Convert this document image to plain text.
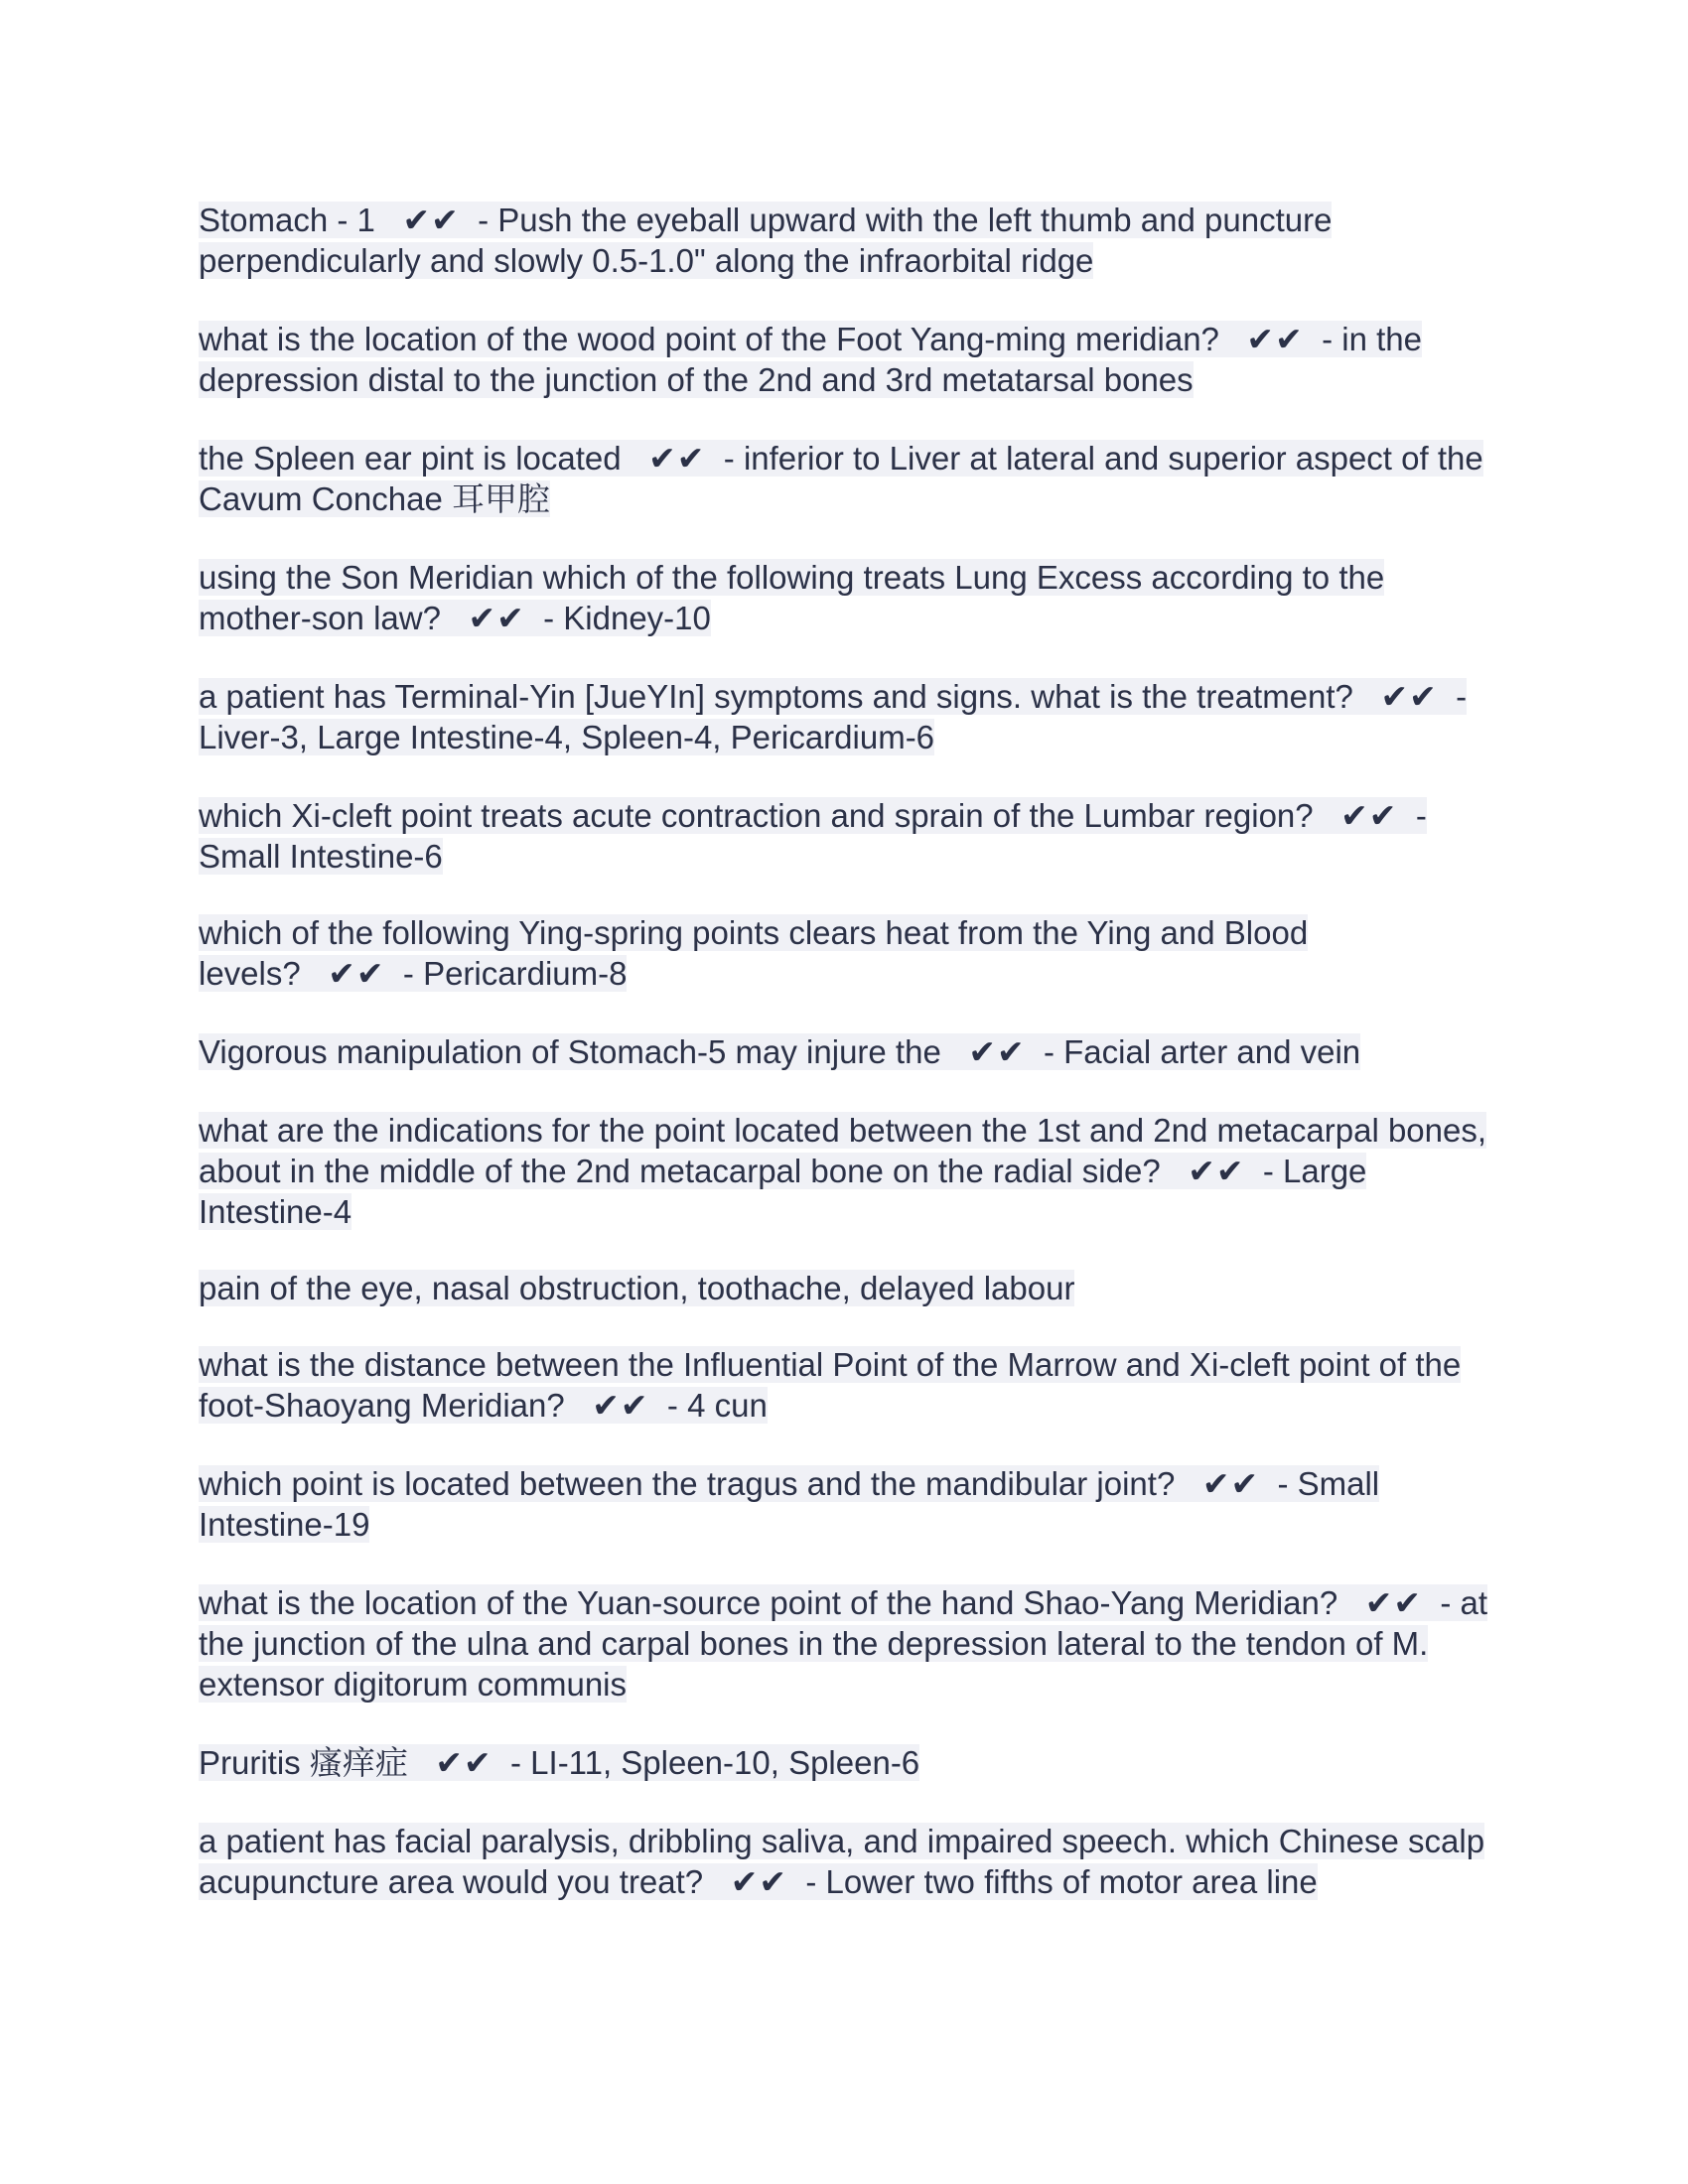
Stomach - 1 ✔✔ - Push the eyeball upward with the left thumb and puncture perpendicularly and slowly 0.5-1.0" along the infraorbital ridge

what is the location of the wood point of the Foot Yang-ming meridian? ✔✔ - in the depression distal to the junction of the 2nd and 3rd metatarsal bones

the Spleen ear pint is located ✔✔ - inferior to Liver at lateral and superior aspect of the Cavum Conchae 耳甲腔

using the Son Meridian which of the following treats Lung Excess according to the mother-son law? ✔✔ - Kidney-10

a patient has Terminal-Yin [JueYIn] symptoms and signs. what is the treatment? ✔✔ - Liver-3, Large Intestine-4, Spleen-4, Pericardium-6

which Xi-cleft point treats acute contraction and sprain of the Lumbar region? ✔✔ - Small Intestine-6

which of the following Ying-spring points clears heat from the Ying and Blood levels? ✔✔ - Pericardium-8

Vigorous manipulation of Stomach-5 may injure the ✔✔ - Facial arter and vein

what are the indications for the point located between the 1st and 2nd metacarpal bones, about in the middle of the 2nd metacarpal bone on the radial side? ✔✔ - Large Intestine-4

pain of the eye, nasal obstruction, toothache, delayed labour

what is the distance between the Influential Point of the Marrow and Xi-cleft point of the foot-Shaoyang Meridian? ✔✔ - 4 cun

which point is located between the tragus and the mandibular joint? ✔✔ - Small Intestine-19

what is the location of the Yuan-source point of the hand Shao-Yang Meridian? ✔✔ - at the junction of the ulna and carpal bones in the depression lateral to the tendon of M. extensor digitorum communis

Pruritis 瘙痒症 ✔✔ - LI-11, Spleen-10, Spleen-6

a patient has facial paralysis, dribbling saliva, and impaired speech. which Chinese scalp acupuncture area would you treat? ✔✔ - Lower two fifths of motor area line
